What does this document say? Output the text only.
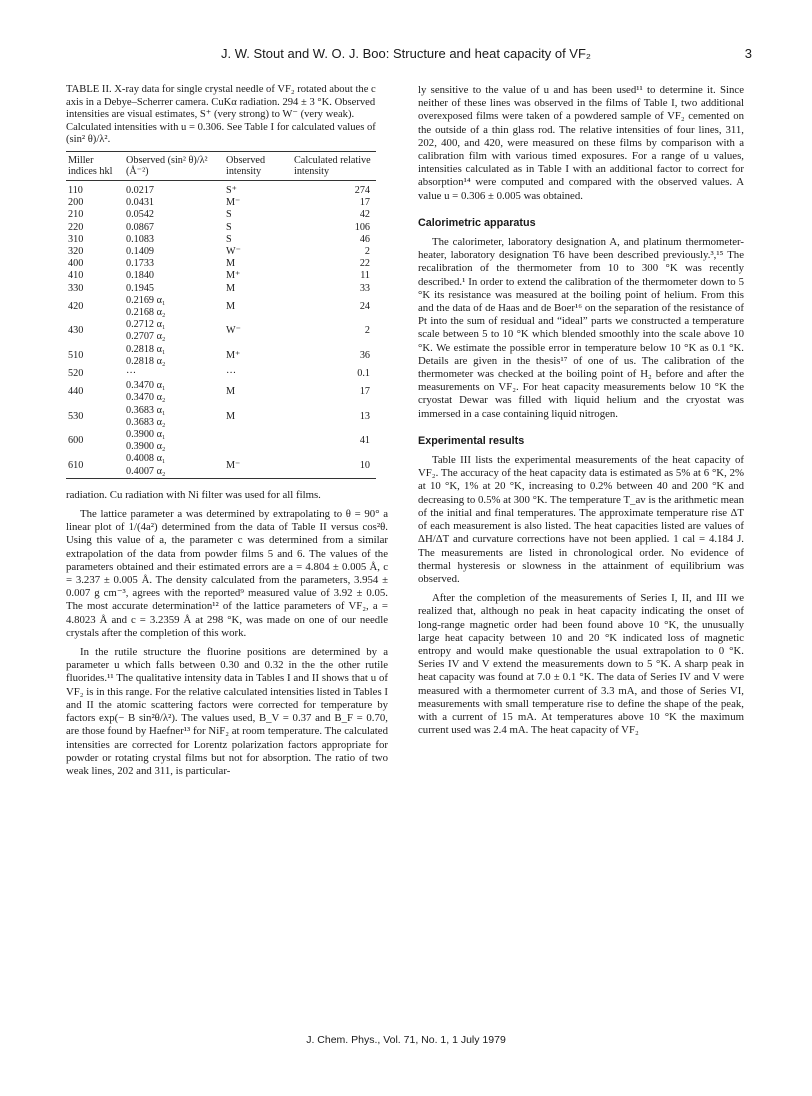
J. W. Stout and W. O. J. Boo: Structure and heat capacity of VF₂	3
TABLE II. X-ray data for single crystal needle of VF₂ rotated about the c axis in a Debye–Scherrer camera. CuKα radiation. 294 ± 3 °K. Observed intensities are visual estimates, S⁺ (very strong) to W⁻ (very weak). Calculated intensities with u = 0.306. See Table I for calculated values of (sin² θ)/λ².
Miller indices hkl	Observed (sin² θ)/λ² (Å⁻²)	Observed intensity	Calculated relative intensity
110	0.0217	S⁺	274
200	0.0431	M⁻	17
210	0.0542	S	42
220	0.0867	S	106
310	0.1083	S	46
320	0.1409	W⁻	2
400	0.1733	M	22
410	0.1840	M⁺	11
330	0.1945	M	33
420	0.2169 α₁
0.2168 α₂	M	24
430	0.2712 α₁
0.2707 α₂	W⁻	2
510	0.2818 α₁
0.2818 α₂	M⁺	36
520	···	···	0.1
440	0.3470 α₁
0.3470 α₂	M	17
530	0.3683 α₁
0.3683 α₂	M	13
600	0.3900 α₁
0.3900 α₂		41
610	0.4008 α₁
0.4007 α₂	M⁻	10

radiation. Cu radiation with Ni filter was used for all films.

The lattice parameter a was determined by extrapolating to θ = 90° a linear plot of 1/(4a²) determined from the data of Table II versus cos²θ. Using this value of a, the parameter c was determined from a similar extrapolation of the data from powder films 5 and 6. The values of the parameters obtained and their estimated errors are a = 4.804 ± 0.005 Å, c = 3.237 ± 0.005 Å. The density calculated from the parameters, 3.954 ± 0.007 g cm⁻³, agrees with the reported⁹ measured value of 3.92 ± 0.05. The most accurate determination¹² of the lattice parameters of VF₂, a = 4.8023 Å and c = 3.2359 Å at 298 °K, was made on one of our needle crystals after the completion of this work.

In the rutile structure the fluorine positions are determined by a parameter u which falls between 0.30 and 0.32 in the the other rutile fluorides.¹¹ The qualitative intensity data in Tables I and II shows that u of VF₂ is in this range. For the relative calculated intensities listed in Tables I and II the atomic scattering factors were corrected for temperature by factors exp(− B sin²θ/λ²). The values used, B_V = 0.37 and B_F = 0.70, are those found by Haefner¹³ for NiF₂ at room temperature. The calculated intensities are corrected for Lorentz polarization factors appropriate for powder or rotating crystal films but not for absorption. The ratio of two weak lines, 202 and 311, is particular-

ly sensitive to the value of u and has been used¹¹ to determine it. Since neither of these lines was observed in the films of Table I, two additional overexposed films were taken of a powdered sample of VF₂ cemented on the outside of a thin glass rod. The relative intensities of four lines, 311, 202, 400, and 420, were measured on these films by comparison with a calibration film with various timed exposures. For a range of u values, intensities calculated as in Table I with an additional factor to correct for absorption¹⁴ were computed and compared with the observed values. A value u = 0.306 ± 0.005 was obtained.

Calorimetric apparatus

The calorimeter, laboratory designation A, and platinum thermometer-heater, laboratory designation T6 have been described previously.³,¹⁵ The recalibration of the thermometer from 10 to 300 °K was recently described.¹ In order to extend the calibration of the thermometer down to 5 °K its resistance was measured at the boiling point of helium. From this and the data of de Haas and de Boer¹⁶ on the separation of the resistance of Pt into the sum of residual and “ideal” parts we constructed a temperature scale between 5 to 10 °K which blended smoothly into the scale above 10 °K. We estimate the possible error in temperature below 10 °K as 0.1 °K. Details are given in the thesis¹⁷ of one of us. The calibration of the thermometer was checked at the boiling point of H₂ before and after the measurements on VF₂. For heat capacity measurements below 10 °K the cryostat Dewar was filled with liquid helium and the cryostat was immersed in a case containing liquid nitrogen.

Experimental results

Table III lists the experimental measurements of the heat capacity of VF₂. The accuracy of the heat capacity data is estimated as 5% at 6 °K, 2% at 10 °K, 1% at 20 °K, increasing to 0.2% between 40 and 200 °K and decreasing to 0.5% at 300 °K. The temperature T_av is the arithmetic mean of the initial and final temperatures. The approximate temperature rise ΔT of each measurement is also listed. The heat capacities listed are values of ΔH/ΔT and curvature corrections have not been applied. 1 cal = 4.184 J. The measurements are listed in chronological order. No evidence of thermal hysteresis or slowness in the attainment of equilibrium was observed.

After the completion of the measurements of Series I, II, and III we realized that, although no peak in heat capacity indicating the onset of long-range magnetic order had been found above 10 °K, the unusually large heat capacity between 10 and 20 °K indicated loss of magnetic entropy and would make questionable the usual extrapolation to 0 °K. Series IV and V extend the measurements down to 5 °K. A sharp peak in heat capacity was found at 7.0 ± 0.1 °K. The data of Series IV and V were measured with a thermometer current of 3.3 mA, and those of Series VI, measurements with small temperature rise to define the shape of the peak, with a current of 15 mA. At temperatures above 10 °K the maximum current used was 2.4 mA. The heat capacity of VF₂

J. Chem. Phys., Vol. 71, No. 1, 1 July 1979
